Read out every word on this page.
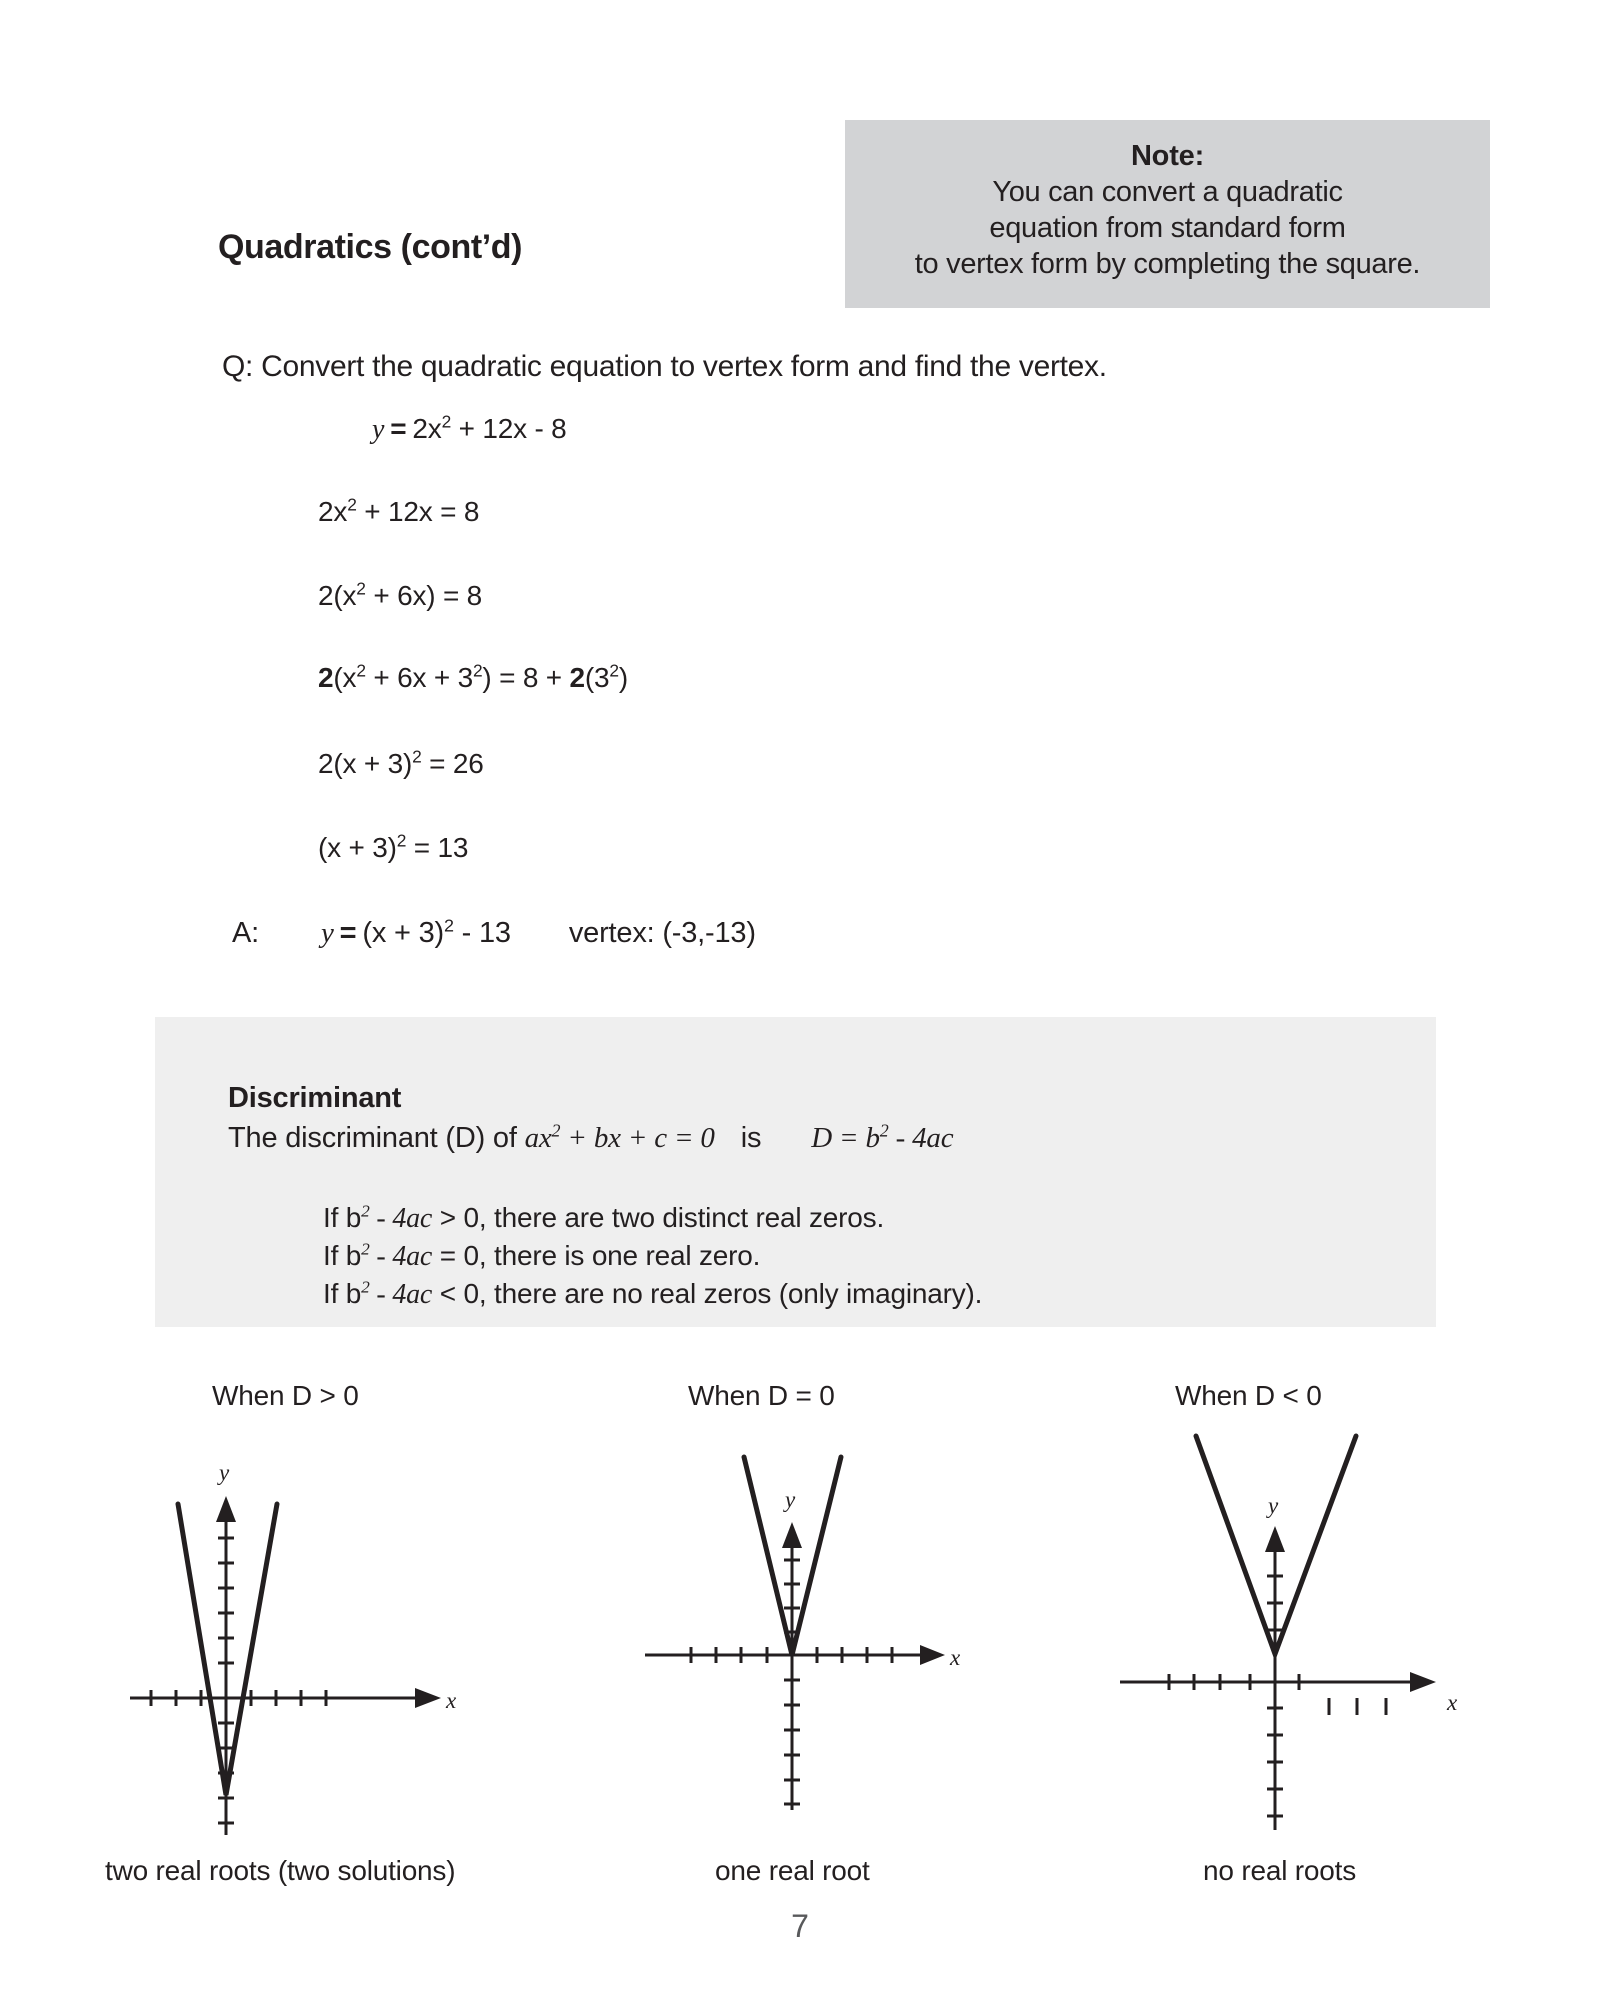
Note:
You can convert a quadratic
equation from standard form
to vertex form by completing the square.
Quadratics (cont’d)
Q: Convert the quadratic equation to vertex form and find the vertex.
$y = 2x^2 + 12x - 8$
$2x^2 + 12x = 8$
$2(x^2 + 6x) = 8$
$2(x^2 + 6x + 3^2) = 8 + 2(3^2)$
$2(x + 3)^2 = 26$
$(x + 3)^2 = 13$
A: $y = (x + 3)^2 - 13$ vertex: (-3,-13)
Discriminant
The discriminant (D) of $ax^2$ + bx + c = 0 is $D = b^2 - 4ac$
If $b^2 - 4ac > 0$, there are two distinct real zeros.
If $b^2 - 4ac = 0$, there is one real zero.
If $b^2 - 4ac < 0$, there are no real zeros (only imaginary).
When D > 0	When D = 0	When D < 0
y
x
y
x
y
x
two real roots (two solutions)	one real root	no real roots
7
